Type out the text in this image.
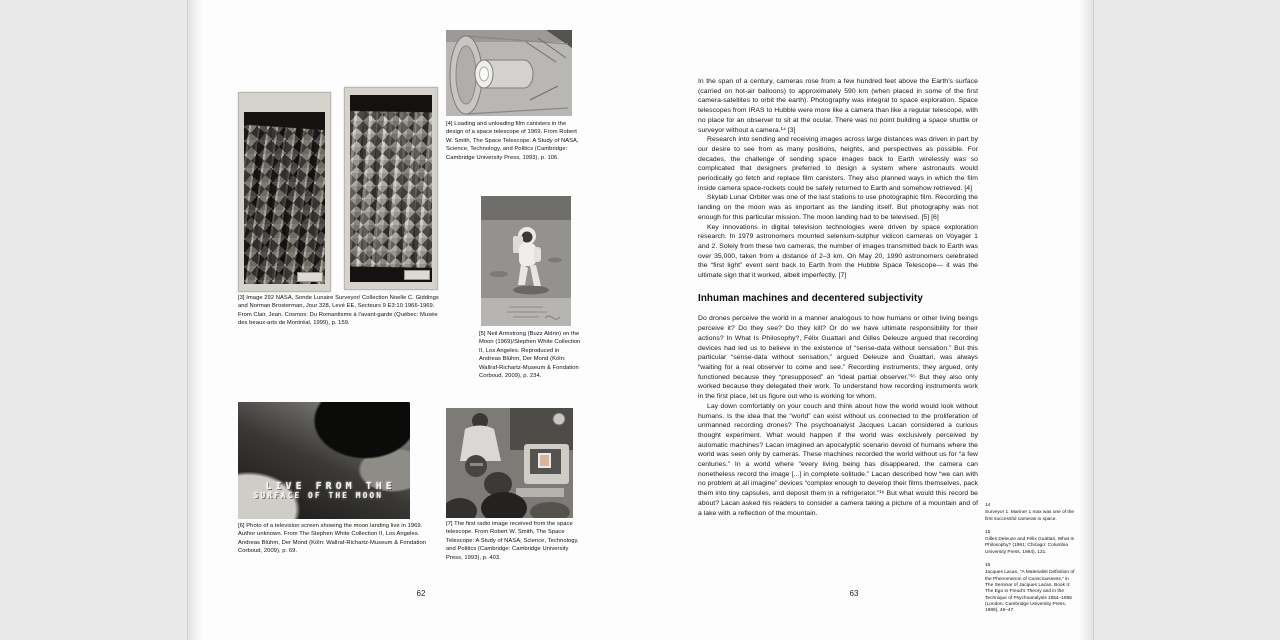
[3] Image 292 NASA, Sonde Lunaire Surveyor/ Collection Noelle C. Giddings and Norman Brosterman, Jour 328, Levé EE, Secteurs 9 E3:10 1966-1969. From Clair, Jean. Cosmos: Du Romantisme à l’avant-garde (Québec: Musée des beaux-arts de Montréal, 1999), p. 159.

[4] Loading and unloading film canisters in the design of a space telescope of 1969. From Robert W. Smith, The Space Telescope: A Study of NASA, Science, Technology, and Politics (Cambridge: Cambridge University Press, 1993), p. 106.

[5] Neil Armstrong (Buzz Aldrin) on the Moon (1969)/Stephen White Collection II, Los Angeles. Reproduced in Andreas Blühm, Der Mond (Köln: Wallraf-Richartz-Museum & Fondation Corboud, 2009), p. 234.

LIVE FROM THE
SURFACE OF THE MOON

[6] Photo of a television screen showing the moon landing live in 1969. Author unknown. From The Stephen White Collection II, Los Angeles. Andreas Blühm, Der Mond (Köln: Wallraf-Richartz-Museum & Fondation Corboud, 2009), p. 69.

[7] The first radio image received from the space telescope. From Robert W. Smith, The Space Telescope: A Study of NASA, Science, Technology, and Politics (Cambridge: Cambridge University Press, 1993), p. 403.

62

In the span of a century, cameras rose from a few hundred feet above the Earth’s surface (carried on hot-air balloons) to approximately 590 km (when placed in some of the first camera-satellites to orbit the earth). Photography was integral to space exploration. Space telescopes from IRAS to Hubble were more like a camera than like a regular telescope, with no place for an observer to sit at the ocular. There was no point building a space shuttle or surveyor without a camera.¹⁴ [3]

Research into sending and receiving images across large distances was driven in part by our desire to see from as many positions, heights, and perspectives as possible. For decades, the challenge of sending space images back to Earth wirelessly was so complicated that designers preferred to design a system where astronauts would periodically go fetch and replace film canisters. They also planned ways in which the film inside camera space-rockets could be safely returned to Earth and somehow retrieved. [4]

Skylab Lunar Orbiter was one of the last stations to use photographic film. Recording the landing on the moon was as important as the landing itself. But photography was not enough for this particular mission. The moon landing had to be televised. [5] [6]

Key innovations in digital television technologies were driven by space exploration research. In 1979 astronomers mounted selenium-sulphur vidicon cameras on Voyager 1 and 2. Solely from these two cameras, the number of images transmitted back to Earth was over 35,000, taken from a distance of 2–3 km. On May 20, 1990 astronomers celebrated the “first light” event sent back to Earth from the Hubble Space Telescope— it was the ultimate sign that it worked, albeit imperfectly. [7]

Inhuman machines and decentered subjectivity

Do drones perceive the world in a manner analogous to how humans or other living beings perceive it? Do they see? Do they kill? Or do we have ultimate responsibility for their actions? In What Is Philosophy?, Félix Guattari and Gilles Deleuze argued that recording devices had led us to believe in the existence of “sense-data without sensation.” But this particular “sense-data without sensation,” argued Deleuze and Guattari, was always “waiting for a real observer to come and see.” Recording instruments, they argued, only functioned because they “presupposed” an “ideal partial observer.”¹⁵ But they also only worked because they delegated their work. To understand how recording instruments work in the first place, let us figure out who is working for whom.

Lay down comfortably on your couch and think about how the world would look without humans. Is the idea that the “world” can exist without us connected to the proliferation of unmanned recording drones? The psychoanalyst Jacques Lacan considered a curious thought experiment. What would happen if the world was exclusively perceived by automatic machines? Lacan imagined an apocalyptic scenario devoid of humans where the world was seen only by cameras. These machines recorded the world without us for “a few centuries.” In a world where “every living being has disappeared, the camera can nonetheless record the image [...] in complete solitude.” Lacan described how “we can with no problem at all imagine” devices “complex enough to develop their films themselves, pack them into tiny capsules, and deposit them in a refrigerator.”¹⁶ But what would this record be about? Lacan asked his readers to consider a camera taking a picture of a mountain and of a lake with a reflection of the mountain.

14
Surveyor 1. Mariner 1 max was one of the first successful cameras in space.
15
Gilles Deleuze and Félix Guattari, What Is Philosophy? (1991; Chicago: Columbia University Press, 1994), 131.
16
Jacques Lacan, “A Materialist Definition of the Phenomenon of Consciousness,” in The Seminar of Jacques Lacan. Book II: The Ego in Freud’s Theory and in the Technique of Psychoanalysis 1954–1955 (London: Cambridge University Press, 1988), 46–47.
63
